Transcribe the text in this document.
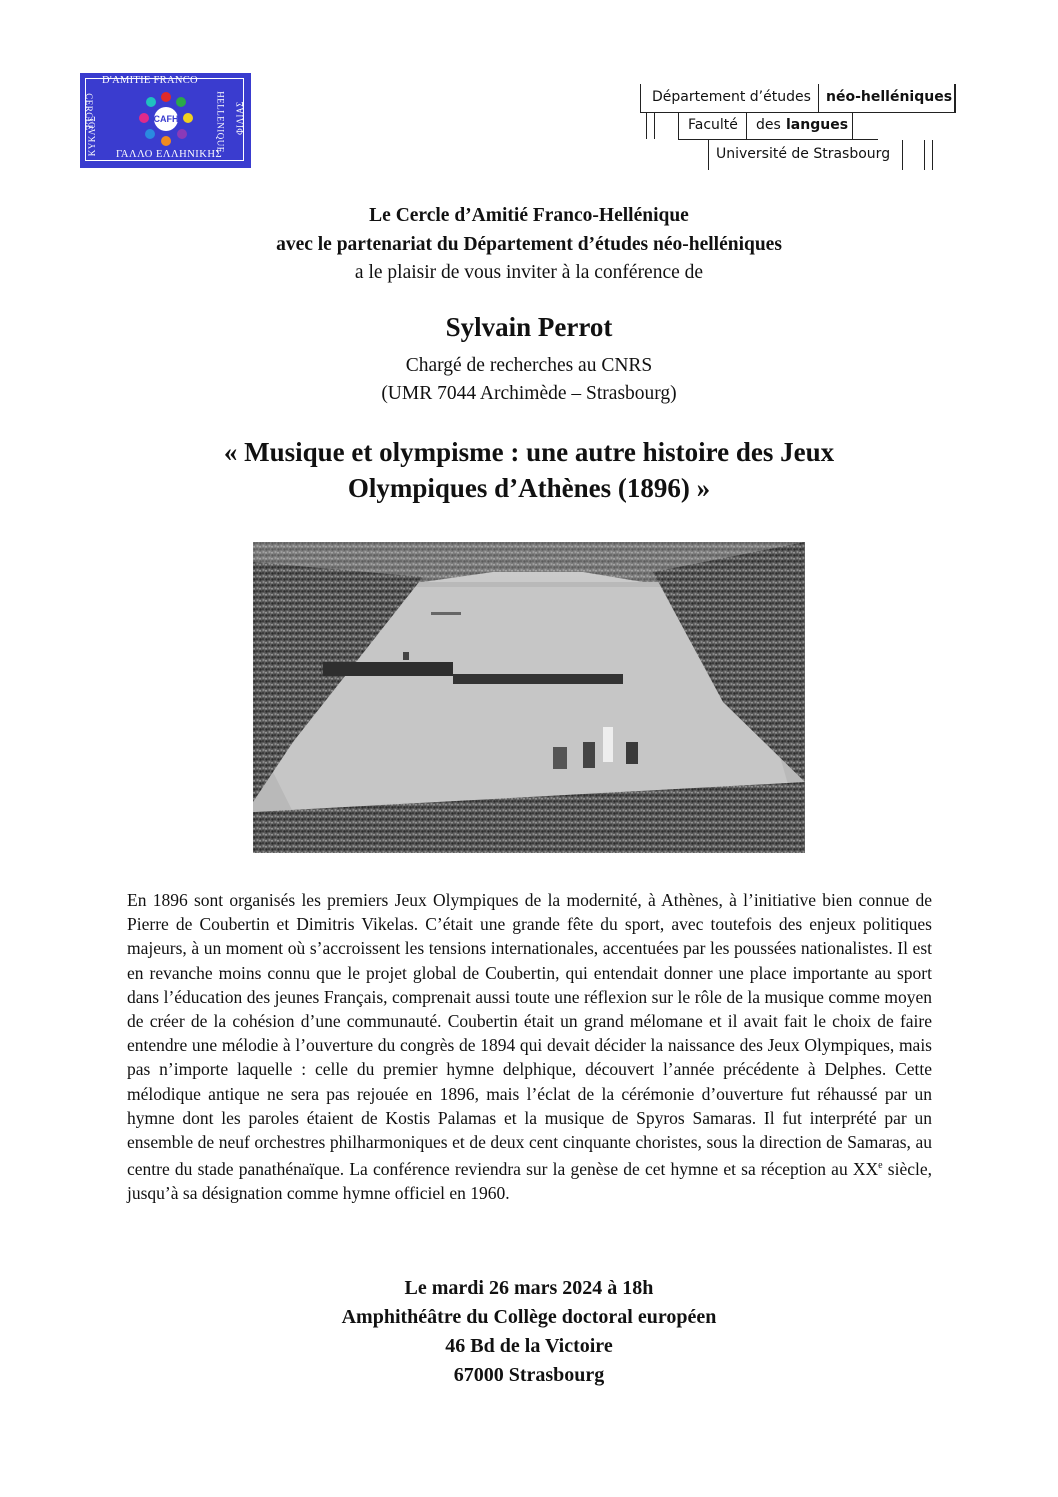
D'AMITIE FRANCO
CERCLE
ΚΥΚΛΟΣ	HELLENIQUE ΦΙΛΙΑΣ
ΓΑΛΛΟ ΕΛΛΗΝΙΚΗΣ
CAFH
Département d’études néo-helléniques
Faculté des langues
Université de Strasbourg
Le Cercle d’Amitié Franco-Hellénique
avec le partenariat du Département d’études néo-helléniques
a le plaisir de vous inviter à la conférence de
Sylvain Perrot
Chargé de recherches au CNRS
(UMR 7044 Archimède – Strasbourg)
« Musique et olympisme : une autre histoire des Jeux
Olympiques d’Athènes (1896) »
En 1896 sont organisés les premiers Jeux Olympiques de la modernité, à Athènes, à l’initiative bien connue de Pierre de Coubertin et Dimitris Vikelas. C’était une grande fête du sport, avec toutefois des enjeux politiques majeurs, à un moment où s’accroissent les tensions internationales, accentuées par les poussées nationalistes. Il est en revanche moins connu que le projet global de Coubertin, qui entendait donner une place importante au sport dans l’éducation des jeunes Français, comprenait aussi toute une réflexion sur le rôle de la musique comme moyen de créer de la cohésion d’une communauté. Coubertin était un grand mélomane et il avait fait le choix de faire entendre une mélodie à l’ouverture du congrès de 1894 qui devait décider la naissance des Jeux Olympiques, mais pas n’importe laquelle : celle du premier hymne delphique, découvert l’année précédente à Delphes. Cette mélodique antique ne sera pas rejouée en 1896, mais l’éclat de la cérémonie d’ouverture fut réhaussé par un hymne dont les paroles étaient de Kostis Palamas et la musique de Spyros Samaras. Il fut interprété par un ensemble de neuf orchestres philharmoniques et de deux cent cinquante choristes, sous la direction de Samaras, au centre du stade panathénaïque. La conférence reviendra sur la genèse de cet hymne et sa réception au XXe siècle, jusqu’à sa désignation comme hymne officiel en 1960.
Le mardi 26 mars 2024 à 18h
Amphithéâtre du Collège doctoral européen
46 Bd de la Victoire
67000 Strasbourg
